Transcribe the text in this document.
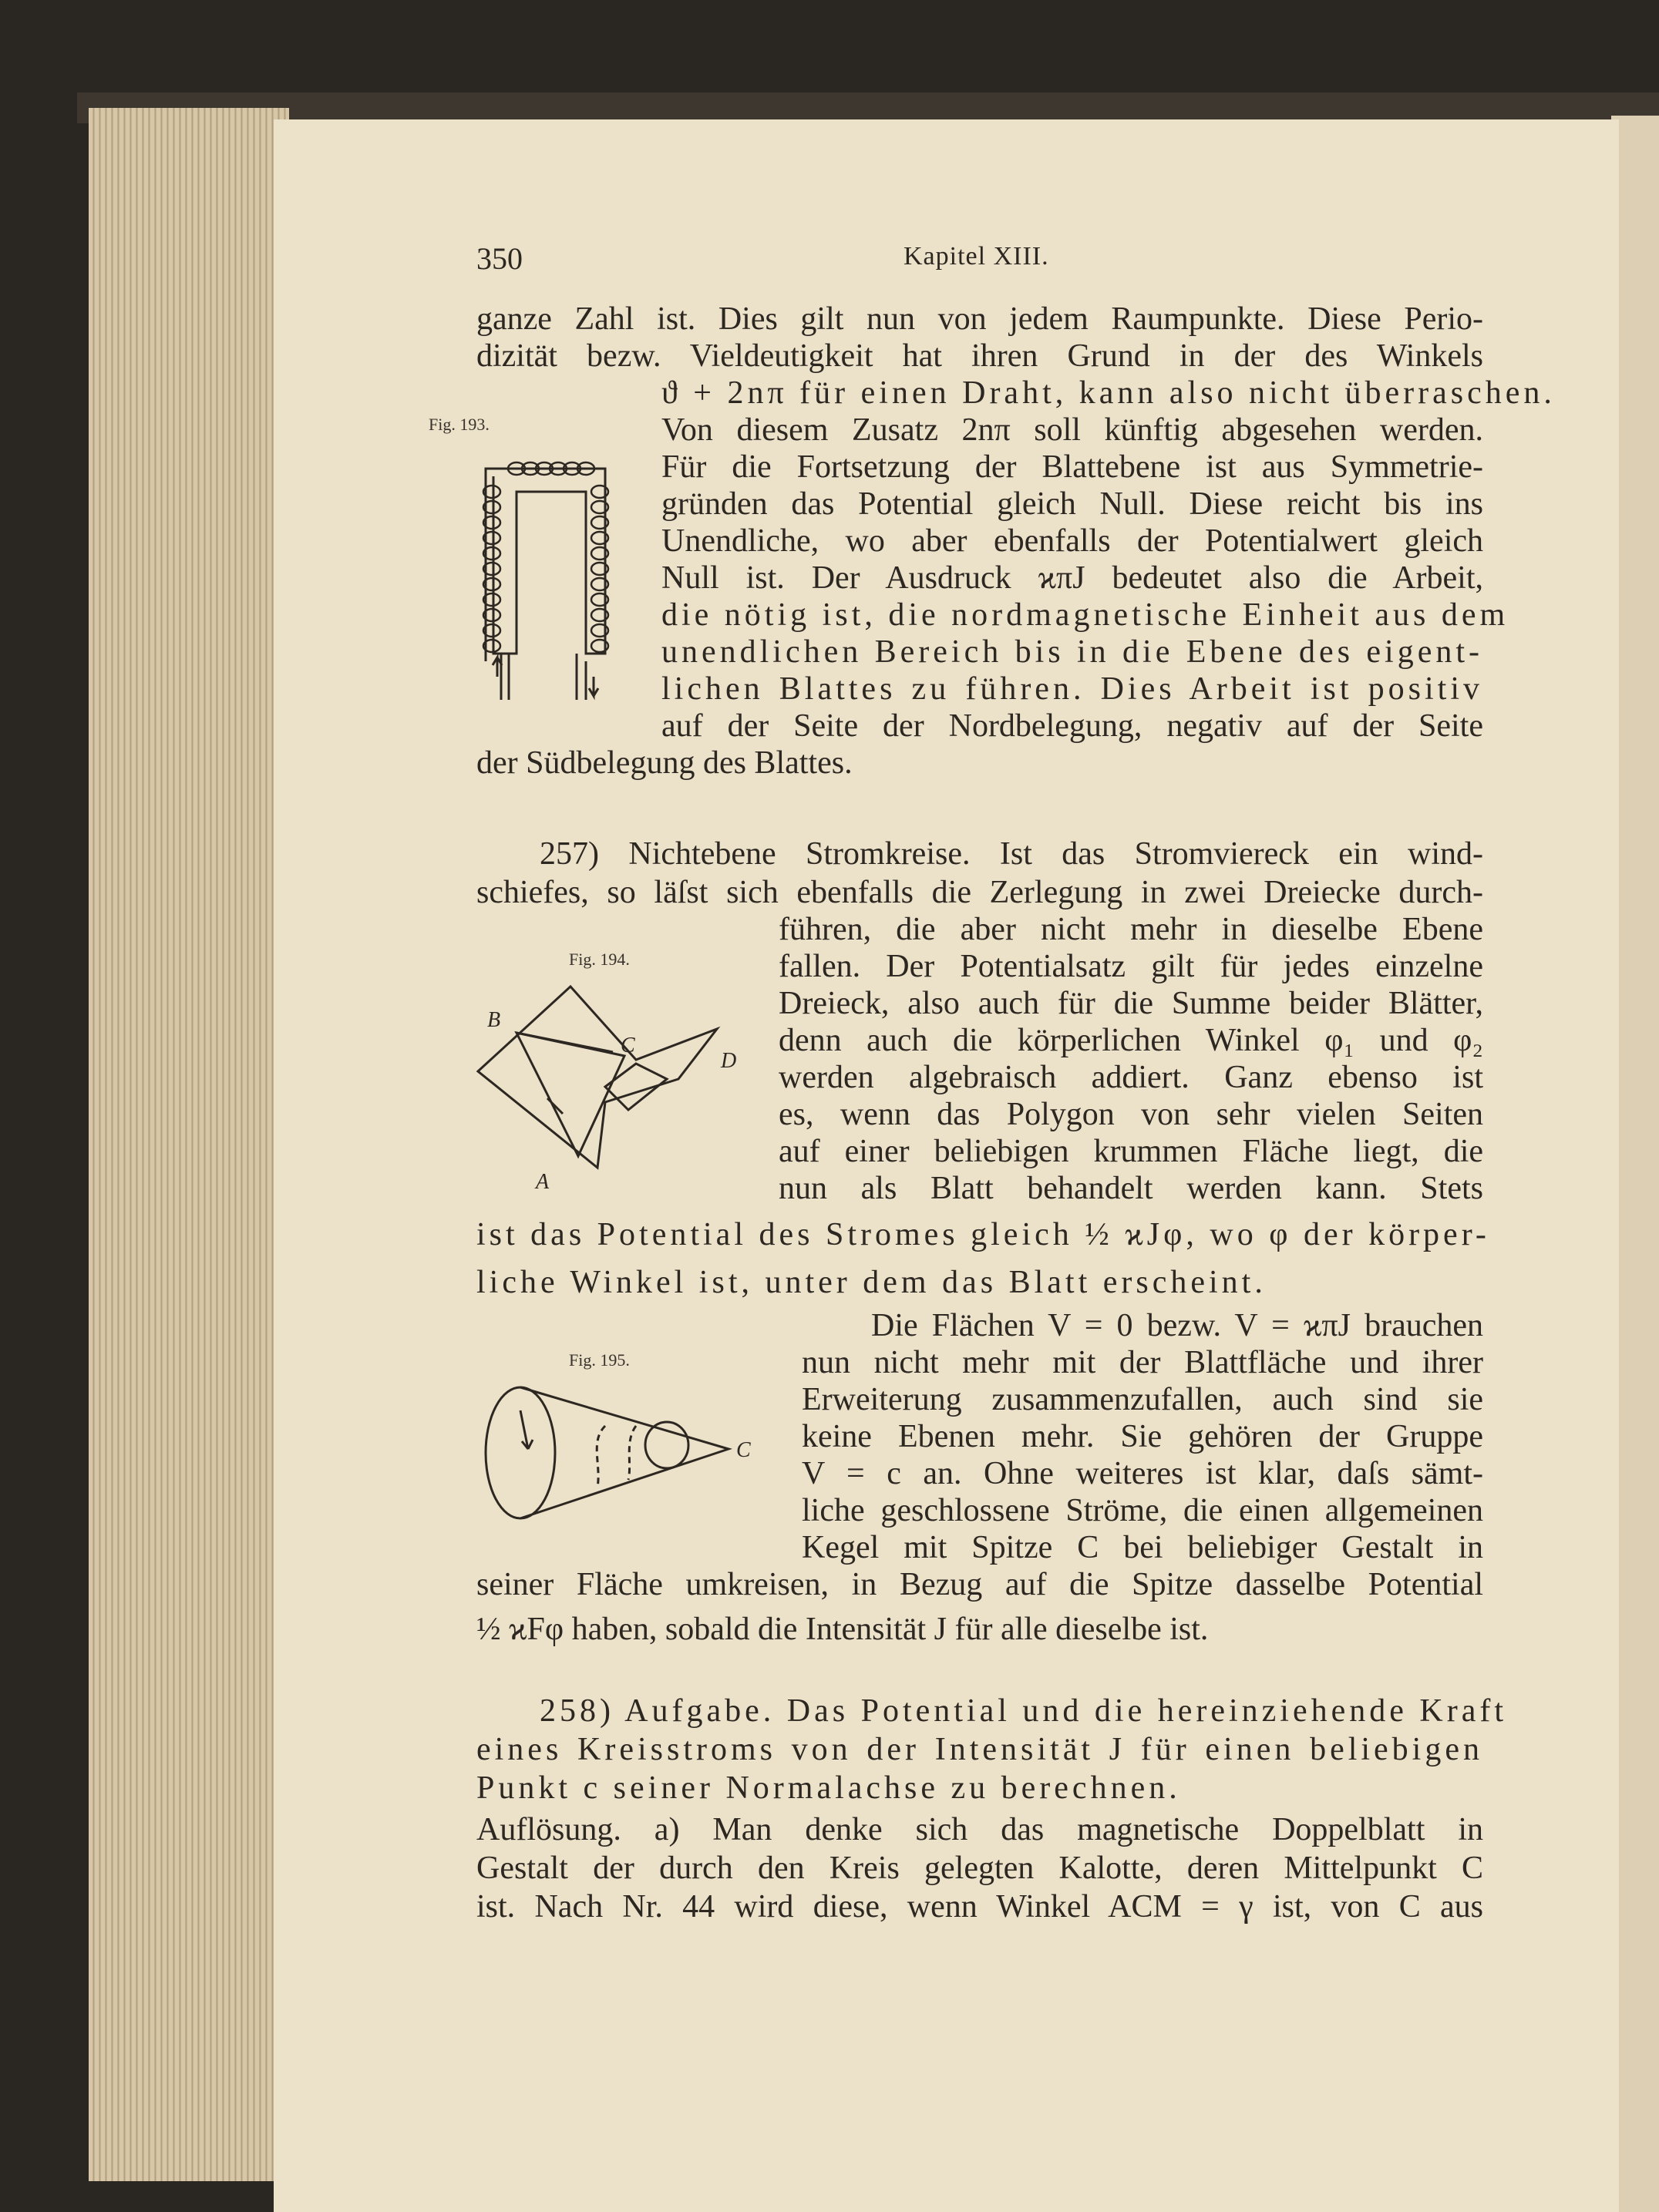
350	Kapitel XIII.
ganze Zahl ist. Dies gilt nun von jedem Raumpunkte. Diese Perio-
dizität bezw. Vieldeutigkeit hat ihren Grund in der des Winkels
ϑ + 2nπ für einen Draht, kann also nicht überraschen.
Von diesem Zusatz 2nπ soll künftig abgesehen werden.
Für die Fortsetzung der Blattebene ist aus Symmetrie-
gründen das Potential gleich Null. Diese reicht bis ins
Unendliche, wo aber ebenfalls der Potentialwert gleich
Null ist. Der Ausdruck ϰπJ bedeutet also die Arbeit,
die nötig ist, die nordmagnetische Einheit aus dem
unendlichen Bereich bis in die Ebene des eigent-
lichen Blattes zu führen. Dies Arbeit ist positiv
auf der Seite der Nordbelegung, negativ auf der Seite
der Südbelegung des Blattes.
257) Nichtebene Stromkreise. Ist das Stromviereck ein wind-
schiefes, so läſst sich ebenfalls die Zerlegung in zwei Dreiecke durch-
führen, die aber nicht mehr in dieselbe Ebene
fallen. Der Potentialsatz gilt für jedes einzelne
Dreieck, also auch für die Summe beider Blätter,
denn auch die körperlichen Winkel φ₁ und φ₂
werden algebraisch addiert. Ganz ebenso ist
es, wenn das Polygon von sehr vielen Seiten
auf einer beliebigen krummen Fläche liegt, die
nun als Blatt behandelt werden kann. Stets
ist das Potential des Stromes gleich ½ ϰJφ, wo φ der körper-
liche Winkel ist, unter dem das Blatt erscheint.
Die Flächen V = 0 bezw. V = ϰπJ brauchen
nun nicht mehr mit der Blattfläche und ihrer
Erweiterung zusammenzufallen, auch sind sie
keine Ebenen mehr. Sie gehören der Gruppe
V = c an. Ohne weiteres ist klar, daſs sämt-
liche geschlossene Ströme, die einen allgemeinen
Kegel mit Spitze C bei beliebiger Gestalt in
seiner Fläche umkreisen, in Bezug auf die Spitze dasselbe Potential
½ ϰFφ haben, sobald die Intensität J für alle dieselbe ist.
258) Aufgabe. Das Potential und die hereinziehende Kraft
eines Kreisstroms von der Intensität J für einen beliebigen
Punkt c seiner Normalachse zu berechnen.
Auflösung. a) Man denke sich das magnetische Doppelblatt in
Gestalt der durch den Kreis gelegten Kalotte, deren Mittelpunkt C
ist. Nach Nr. 44 wird diese, wenn Winkel ACM = γ ist, von C aus
Fig. 193.
Fig. 194.
B
C
D
A
Fig. 195.
C
